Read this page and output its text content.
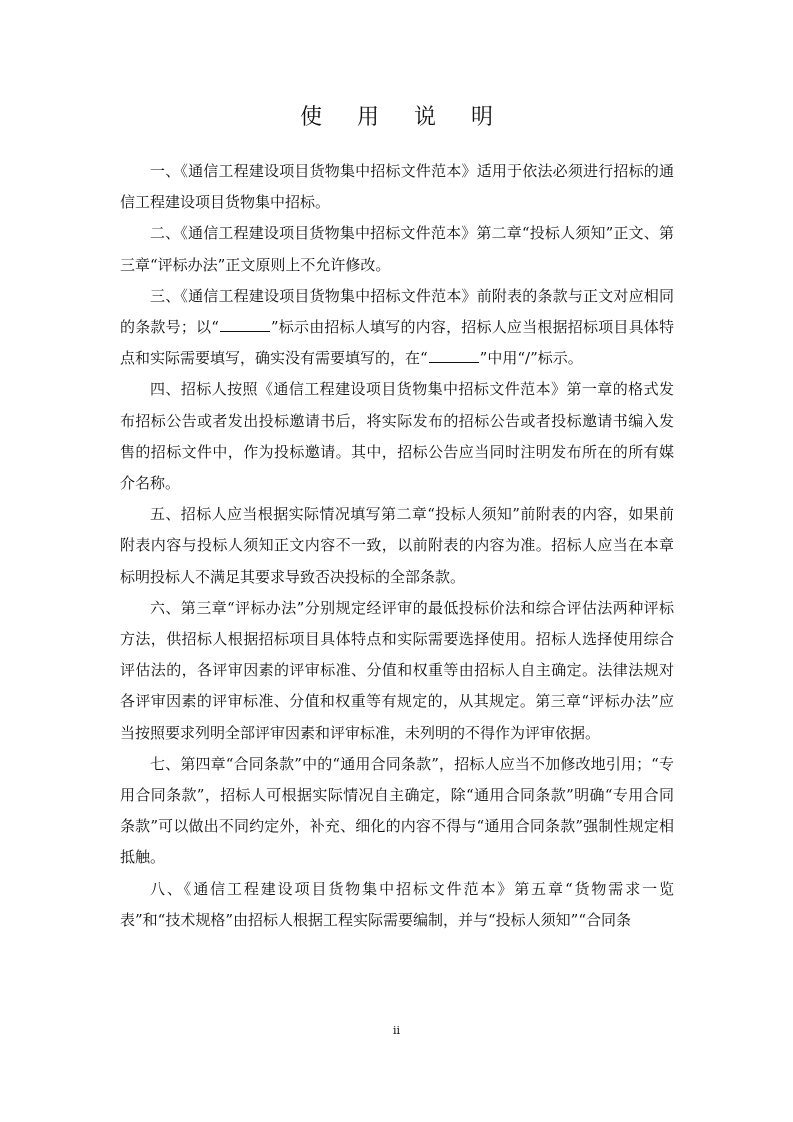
使 用 说 明

一、《通信工程建设项目货物集中招标文件范本》适用于依法必须进行招标的通信工程建设项目货物集中招标。

二、《通信工程建设项目货物集中招标文件范本》第二章“投标人须知”正文、第三章“评标办法”正文原则上不允许修改。

三、《通信工程建设项目货物集中招标文件范本》前附表的条款与正文对应相同的条款号；以“	”标示由招标人填写的内容，招标人应当根据招标项目具体特点和实际需要填写，确实没有需要填写的，在“	”中用“/”标示。

四、招标人按照《通信工程建设项目货物集中招标文件范本》第一章的格式发布招标公告或者发出投标邀请书后，将实际发布的招标公告或者投标邀请书编入发售的招标文件中，作为投标邀请。其中，招标公告应当同时注明发布所在的所有媒介名称。

五、招标人应当根据实际情况填写第二章“投标人须知”前附表的内容，如果前附表内容与投标人须知正文内容不一致，以前附表的内容为准。招标人应当在本章标明投标人不满足其要求导致否决投标的全部条款。

六、第三章“评标办法”分别规定经评审的最低投标价法和综合评估法两种评标方法，供招标人根据招标项目具体特点和实际需要选择使用。招标人选择使用综合评估法的，各评审因素的评审标准、分值和权重等由招标人自主确定。法律法规对各评审因素的评审标准、分值和权重等有规定的，从其规定。第三章“评标办法”应当按照要求列明全部评审因素和评审标准，未列明的不得作为评审依据。

七、第四章“合同条款”中的“通用合同条款”，招标人应当不加修改地引用；“专用合同条款”，招标人可根据实际情况自主确定，除“通用合同条款”明确“专用合同条款”可以做出不同约定外，补充、细化的内容不得与“通用合同条款”强制性规定相抵触。

八、《通信工程建设项目货物集中招标文件范本》第五章“货物需求一览表”和“技术规格”由招标人根据工程实际需要编制，并与“投标人须知”“合同条

ii
